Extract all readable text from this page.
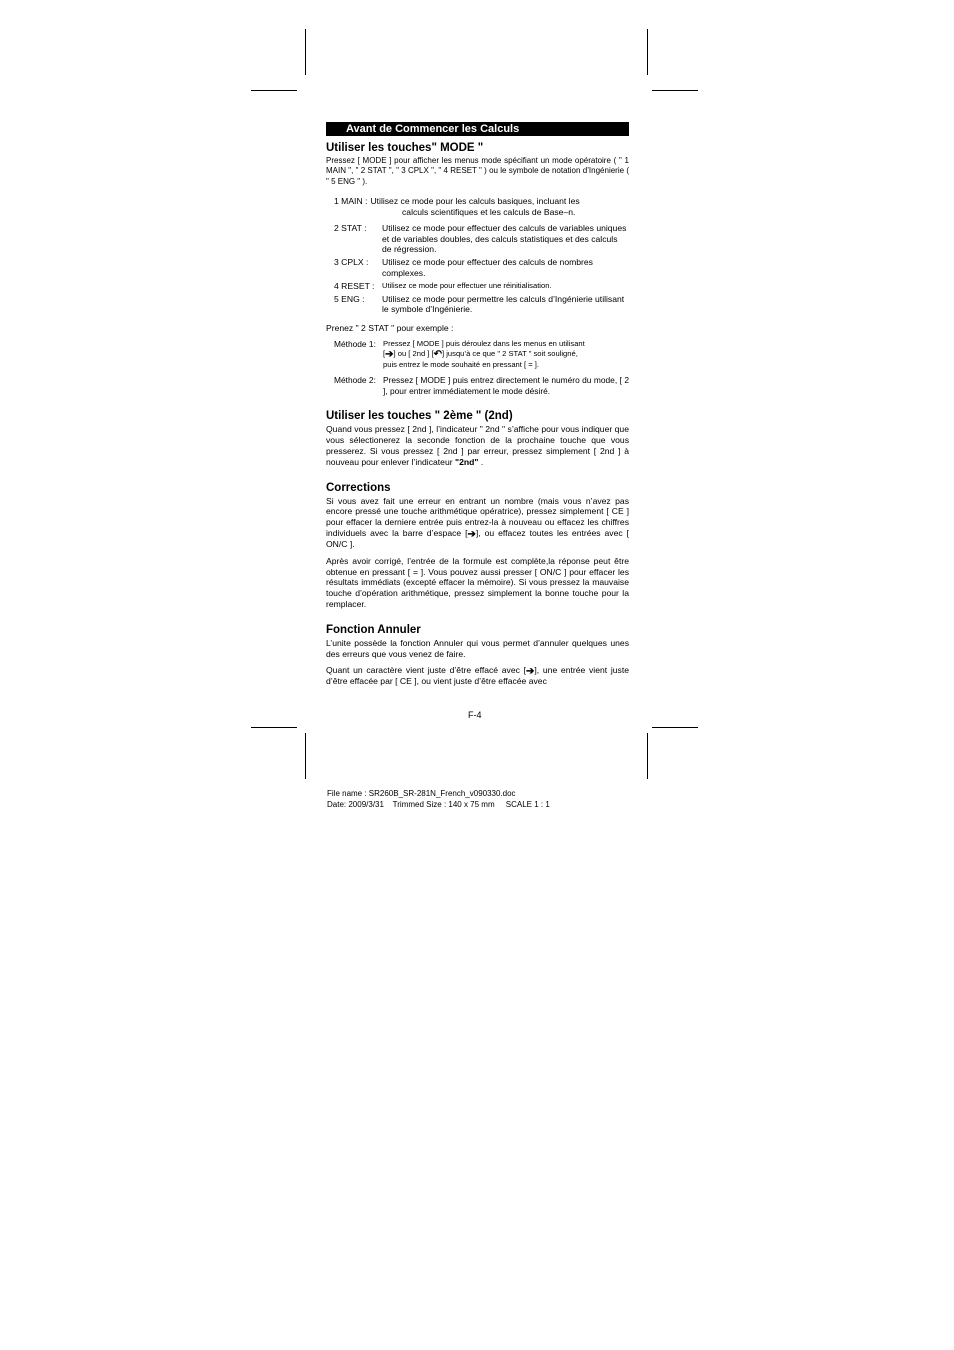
Avant de Commencer les Calculs
Utiliser les touches" MODE "

Pressez [ MODE ] pour afficher les menus mode spécifiant un mode opératoire ( " 1 MAIN ", " 2 STAT ", " 3 CPLX ", " 4 RESET " ) ou le symbole de notation d’Ingénierie ( " 5 ENG " ).

1 MAIN : Utilisez ce mode pour les calculs basiques, incluant les
calculs scientifiques et les calculs de Base–n.
2 STAT :	Utilisez ce mode pour effectuer des calculs de variables uniques et de variables doubles, des calculs statistiques et des calculs de régression.
3 CPLX :	Utilisez ce mode pour effectuer des calculs de nombres complexes.
4 RESET : Utilisez ce mode pour effectuer une réinitialisation.
5 ENG :	Utilisez ce mode pour permettre les calculs d’Ingénierie utilisant le symbole d’Ingénierie.

Prenez " 2 STAT " pour exemple :

Méthode 1: Pressez [ MODE ] puis déroulez dans les menus en utilisant
[➔] ou [ 2nd ] [↶] jusqu’à ce que " 2 STAT " soit souligné,
puis entrez le mode souhaité en pressant [ = ].
Méthode 2: Pressez [ MODE ] puis entrez directement le numéro du mode, [ 2 ], pour entrer immédiatement le mode désiré.
Utiliser les touches " 2ème " (2nd)

Quand vous pressez [ 2nd ], l’indicateur " 2nd " s’affiche pour vous indiquer que vous sélectionerez la seconde fonction de la prochaine touche que vous presserez. Si vous pressez [ 2nd ] par erreur, pressez simplement [ 2nd ] à nouveau pour enlever l’indicateur "2nd" .

Corrections

Si vous avez fait une erreur en entrant un nombre (mais vous n’avez pas encore pressé une touche arithmétique opératrice), pressez simplement [ CE ] pour effacer la derniere entrée puis entrez-la à nouveau ou effacez les chiffres individuels avec la barre d’espace [➔], ou effacez toutes les entrées avec [ ON/C ].

Après avoir corrigé, l’entrée de la formule est complète,la réponse peut être obtenue en pressant [ = ]. Vous pouvez aussi presser [ ON/C ] pour effacer les résultats immédiats (excepté effacer la mémoire). Si vous pressez la mauvaise touche d’opération arithmétique, pressez simplement la bonne touche pour la remplacer.

Fonction Annuler

L’unite possède la fonction Annuler qui vous permet d’annuler quelques unes des erreurs que vous venez de faire.

Quant un caractère vient juste d’être effacé avec [➔], une entrée vient juste d’être effacée par [ CE ], ou vient juste d’être effacée avec

F-4
File name : SR260B_SR-281N_French_v090330.doc
Date: 2009/3/31    Trimmed Size : 140 x 75 mm     SCALE 1 : 1
